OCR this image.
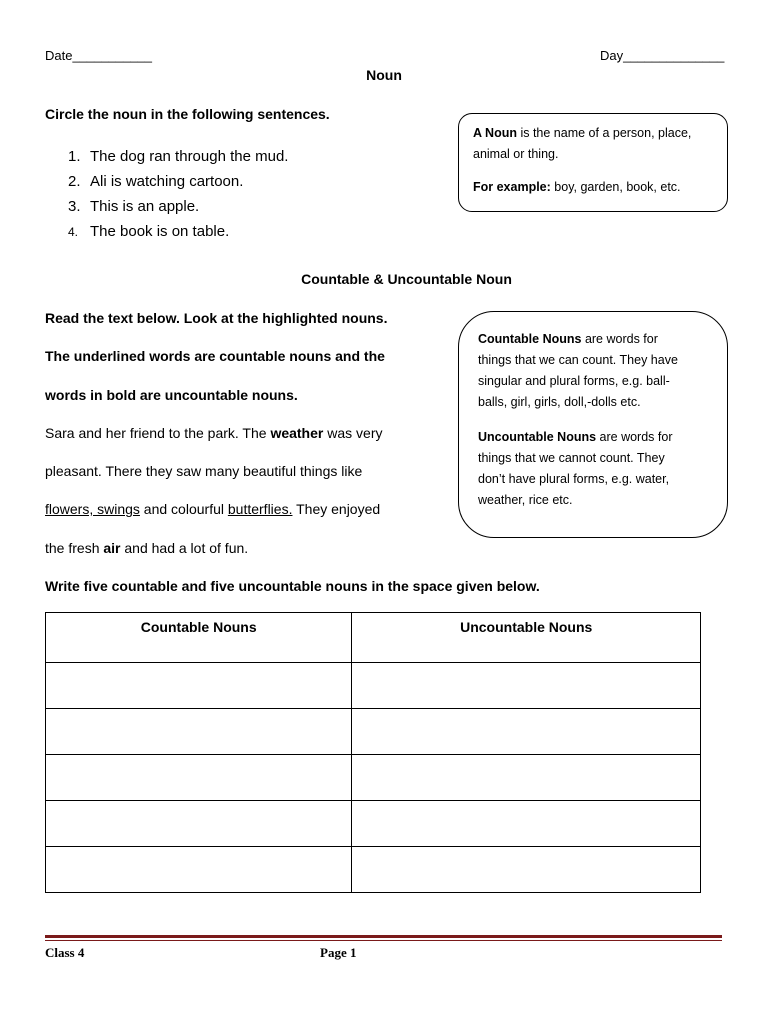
Date___________	Day______________
Noun
Circle the noun in the following sentences.
1. The dog ran through the mud.
2. Ali is watching cartoon.
3. This is an apple.
4. The book is on table.

A Noun is the name of a person, place,

animal or thing.

For example: boy, garden, book, etc.

Countable & Uncountable Noun
Read the text below. Look at the highlighted nouns.
The underlined words are countable nouns and the
words in bold are uncountable nouns.
Sara and her friend to the park. The weather was very
pleasant. There they saw many beautiful things like
flowers, swings and colourful butterflies. They enjoyed
the fresh air and had a lot of fun.

Countable Nouns are words for

things that we can count. They have

singular and plural forms, e.g. ball-

balls, girl, girls, doll,-dolls etc.

Uncountable Nouns are words for

things that we cannot count. They

don’t have plural forms, e.g. water,

weather, rice etc.

Write five countable and five uncountable nouns in the space given below.
Countable Nouns	Uncountable Nouns

Class 4	Page 1
